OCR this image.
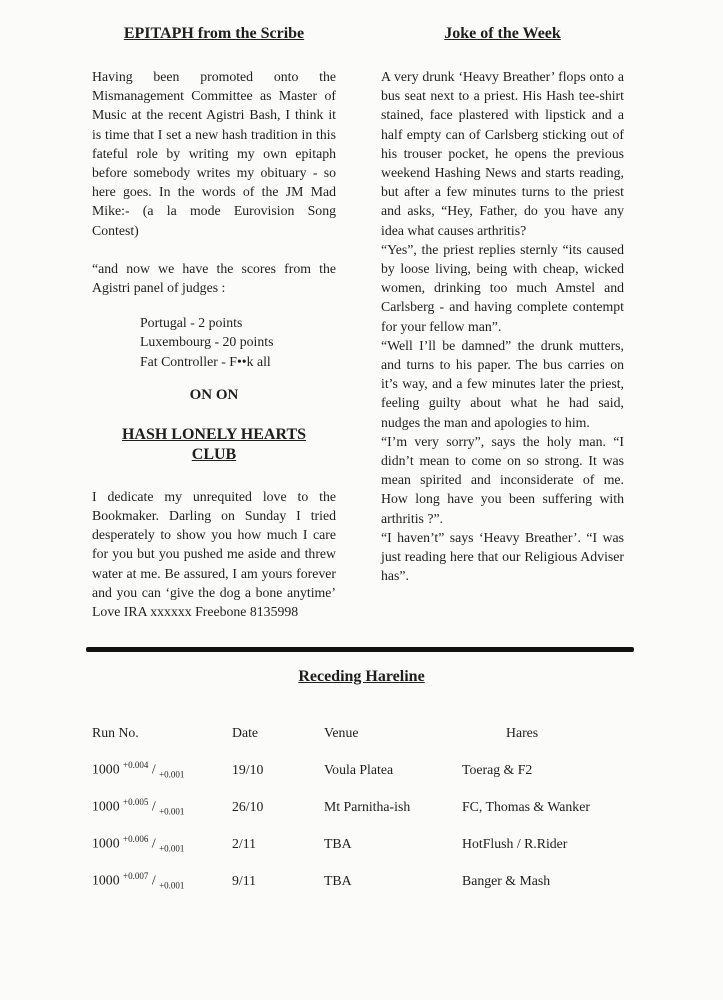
EPITAPH from the Scribe

Having been promoted onto the Mismanagement Committee as Master of Music at the recent Agistri Bash, I think it is time that I set a new hash tradition in this fateful role by writing my own epitaph before somebody writes my obituary - so here goes. In the words of the JM Mad Mike:- (a la mode Eurovision Song Contest)

“and now we have the scores from the Agistri panel of judges :

Portugal - 2 points
Luxembourg - 20 points
Fat Controller - F••k all

ON ON

HASH LONELY HEARTS
CLUB

I dedicate my unrequited love to the Bookmaker. Darling on Sunday I tried desperately to show you how much I care for you but you pushed me aside and threw water at me. Be assured, I am yours forever and you can ‘give the dog a bone anytime’ Love IRA xxxxxx Freebone 8135998

Joke of the Week

A very drunk ‘Heavy Breather’ flops onto a bus seat next to a priest. His Hash tee-shirt stained, face plastered with lipstick and a half empty can of Carlsberg sticking out of his trouser pocket, he opens the previous weekend Hashing News and starts reading, but after a few minutes turns to the priest and asks, “Hey, Father, do you have any idea what causes arthritis?

“Yes”, the priest replies sternly “its caused by loose living, being with cheap, wicked women, drinking too much Amstel and Carlsberg - and having complete contempt for your fellow man”.

“Well I’ll be damned” the drunk mutters, and turns to his paper. The bus carries on it’s way, and a few minutes later the priest, feeling guilty about what he had said, nudges the man and apologies to him.

“I’m very sorry”, says the holy man. “I didn’t mean to come on so strong. It was mean spirited and inconsiderate of me. How long have you been suffering with arthritis ?”.

“I haven’t” says ‘Heavy Breather’. “I was just reading here that our Religious Adviser has”.

Receding Hareline
Run No.	Date	Venue	Hares
1000 $^{+0.004}$ / $_{+0.001}$	19/10	Voula Platea	Toerag & F2
1000 $^{+0.005}$ / $_{+0.001}$	26/10	Mt Parnitha-ish	FC, Thomas & Wanker
1000 $^{+0.006}$ / $_{+0.001}$	2/11	TBA	HotFlush / R.Rider
1000 $^{+0.007}$ / $_{+0.001}$	9/11	TBA	Banger & Mash
